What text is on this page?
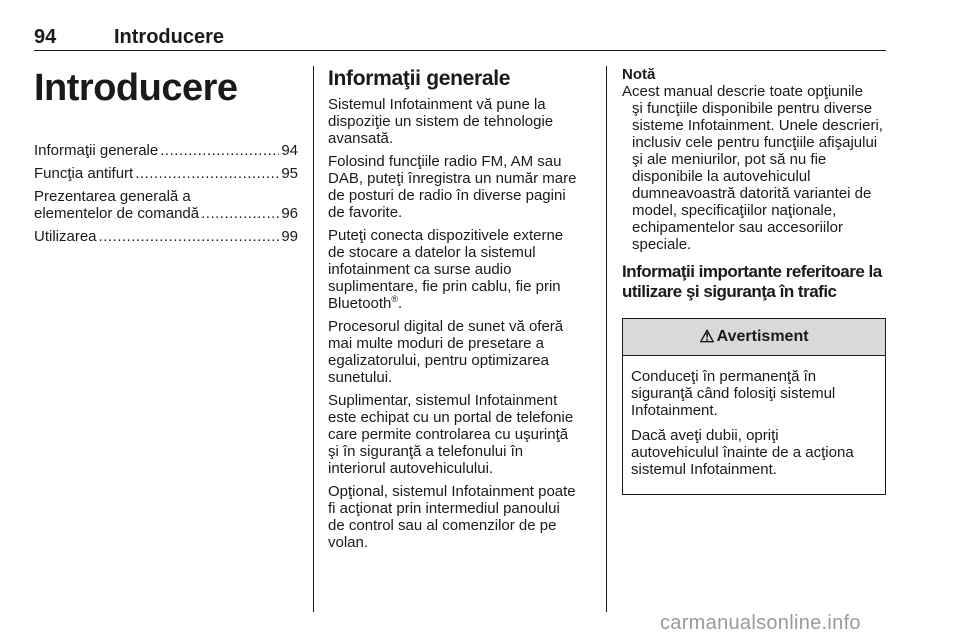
94	Introducere
Introducere
Informaţii generale .....	94
Funcţia antifurt .....	95
Prezentarea generală a
elementelor de comandă .....	96
Utilizarea .....	99
Informaţii generale

Sistemul Infotainment vă pune la
dispoziţie un sistem de tehnologie
avansată.

Folosind funcţiile radio FM, AM sau
DAB, puteţi înregistra un număr mare
de posturi de radio în diverse pagini
de favorite.

Puteţi conecta dispozitivele externe
de stocare a datelor la sistemul
infotainment ca surse audio
suplimentare, fie prin cablu, fie prin
Bluetooth®.

Procesorul digital de sunet vă oferă
mai multe moduri de presetare a
egalizatorului, pentru optimizarea
sunetului.

Suplimentar, sistemul Infotainment
este echipat cu un portal de telefonie
care permite controlarea cu uşurinţă
şi în siguranţă a telefonului în
interiorul autovehiculului.

Opţional, sistemul Infotainment poate
fi acţionat prin intermediul panoului
de control sau al comenzilor de pe
volan.

Notă
Acest manual descrie toate opţiunile
şi funcţiile disponibile pentru diverse sisteme Infotainment. Unele descrieri, inclusiv cele pentru funcţiile afişajului şi ale meniurilor, pot să nu fie disponibile la autovehiculul dumneavoastră datorită variantei de model, specificaţiilor naţionale, echipamentelor sau accesoriilor speciale.
Informaţii importante referitoare la utilizare şi siguranţa în trafic
⚠ Avertisment

Conduceţi în permanenţă în
siguranţă când folosiţi sistemul
Infotainment.

Dacă aveţi dubii, opriţi
autovehiculul înainte de a acţiona
sistemul Infotainment.

carmanualsonline.info
